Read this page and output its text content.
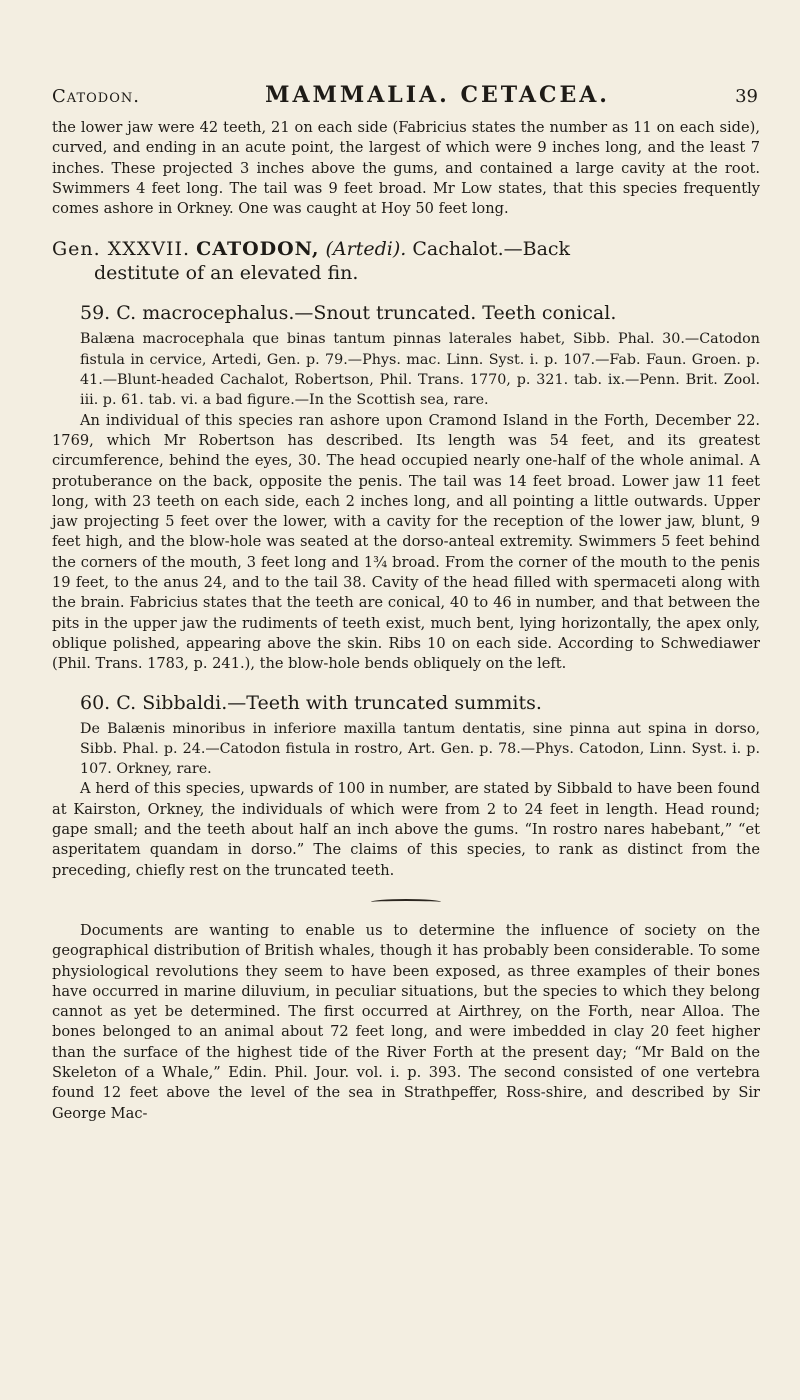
Catodon.	MAMMALIA. CETACEA.	39

the lower jaw were 42 teeth, 21 on each side (Fabricius states the number as 11 on each side), curved, and ending in an acute point, the largest of which were 9 inches long, and the least 7 inches. These projected 3 inches above the gums, and contained a large cavity at the root. Swimmers 4 feet long. The tail was 9 feet broad. Mr Low states, that this species frequently comes ashore in Orkney. One was caught at Hoy 50 feet long.

Gen. XXXVII. CATODON, (Artedi). Cachalot.—Back
destitute of an elevated fin.

59. C. macrocephalus.—Snout truncated. Teeth conical.

Balæna macrocephala que binas tantum pinnas laterales habet, Sibb. Phal. 30.—Catodon fistula in cervice, Artedi, Gen. p. 79.—Phys. mac. Linn. Syst. i. p. 107.—Fab. Faun. Groen. p. 41.—Blunt-headed Cachalot, Robertson, Phil. Trans. 1770, p. 321. tab. ix.—Penn. Brit. Zool. iii. p. 61. tab. vi. a bad figure.—In the Scottish sea, rare.

An individual of this species ran ashore upon Cramond Island in the Forth, December 22. 1769, which Mr Robertson has described. Its length was 54 feet, and its greatest circumference, behind the eyes, 30. The head occupied nearly one-half of the whole animal. A protuberance on the back, opposite the penis. The tail was 14 feet broad. Lower jaw 11 feet long, with 23 teeth on each side, each 2 inches long, and all pointing a little outwards. Upper jaw projecting 5 feet over the lower, with a cavity for the reception of the lower jaw, blunt, 9 feet high, and the blow-hole was seated at the dorso-anteal extremity. Swimmers 5 feet behind the corners of the mouth, 3 feet long and 1¾ broad. From the corner of the mouth to the penis 19 feet, to the anus 24, and to the tail 38. Cavity of the head filled with spermaceti along with the brain. Fabricius states that the teeth are conical, 40 to 46 in number, and that between the pits in the upper jaw the rudiments of teeth exist, much bent, lying horizontally, the apex only, oblique polished, appearing above the skin. Ribs 10 on each side. According to Schwediawer (Phil. Trans. 1783, p. 241.), the blow-hole bends obliquely on the left.

60. C. Sibbaldi.—Teeth with truncated summits.

De Balænis minoribus in inferiore maxilla tantum dentatis, sine pinna aut spina in dorso, Sibb. Phal. p. 24.—Catodon fistula in rostro, Art. Gen. p. 78.—Phys. Catodon, Linn. Syst. i. p. 107. Orkney, rare.

A herd of this species, upwards of 100 in number, are stated by Sibbald to have been found at Kairston, Orkney, the individuals of which were from 2 to 24 feet in length. Head round; gape small; and the teeth about half an inch above the gums. “In rostro nares habebant,” “et asperitatem quandam in dorso.” The claims of this species, to rank as distinct from the preceding, chiefly rest on the truncated teeth.

Documents are wanting to enable us to determine the influence of society on the geographical distribution of British whales, though it has probably been considerable. To some physiological revolutions they seem to have been exposed, as three examples of their bones have occurred in marine diluvium, in peculiar situations, but the species to which they belong cannot as yet be determined. The first occurred at Airthrey, on the Forth, near Alloa. The bones belonged to an animal about 72 feet long, and were imbedded in clay 20 feet higher than the surface of the highest tide of the River Forth at the present day; “Mr Bald on the Skeleton of a Whale,” Edin. Phil. Jour. vol. i. p. 393. The second consisted of one vertebra found 12 feet above the level of the sea in Strathpeffer, Ross-shire, and described by Sir George Mac-
